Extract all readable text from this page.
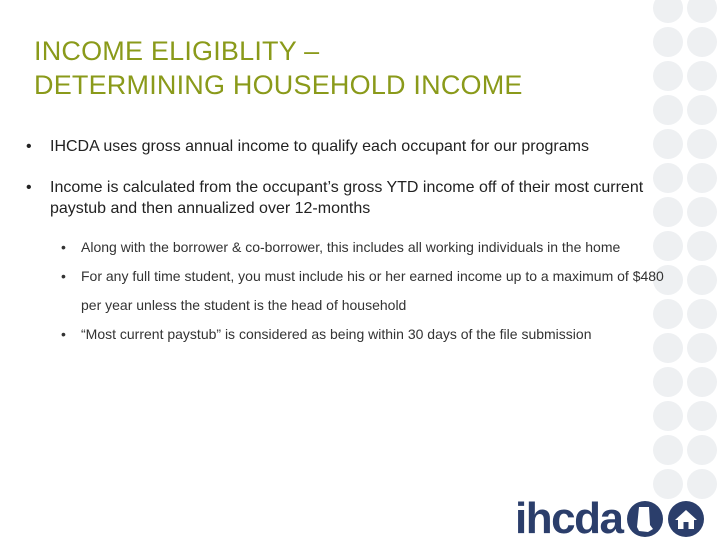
INCOME ELIGIBLITY –
DETERMINING HOUSEHOLD INCOME
• IHCDA uses gross annual income to qualify each occupant for our programs
• Income is calculated from the occupant’s gross YTD income off of their most current paystub and then annualized over 12-months
• Along with the borrower & co-borrower, this includes all working individuals in the home
• For any full time student, you must include his or her earned income up to a maximum of $480 per year unless the student is the head of household
• “Most current paystub” is considered as being within 30 days of the file submission
ihcda
